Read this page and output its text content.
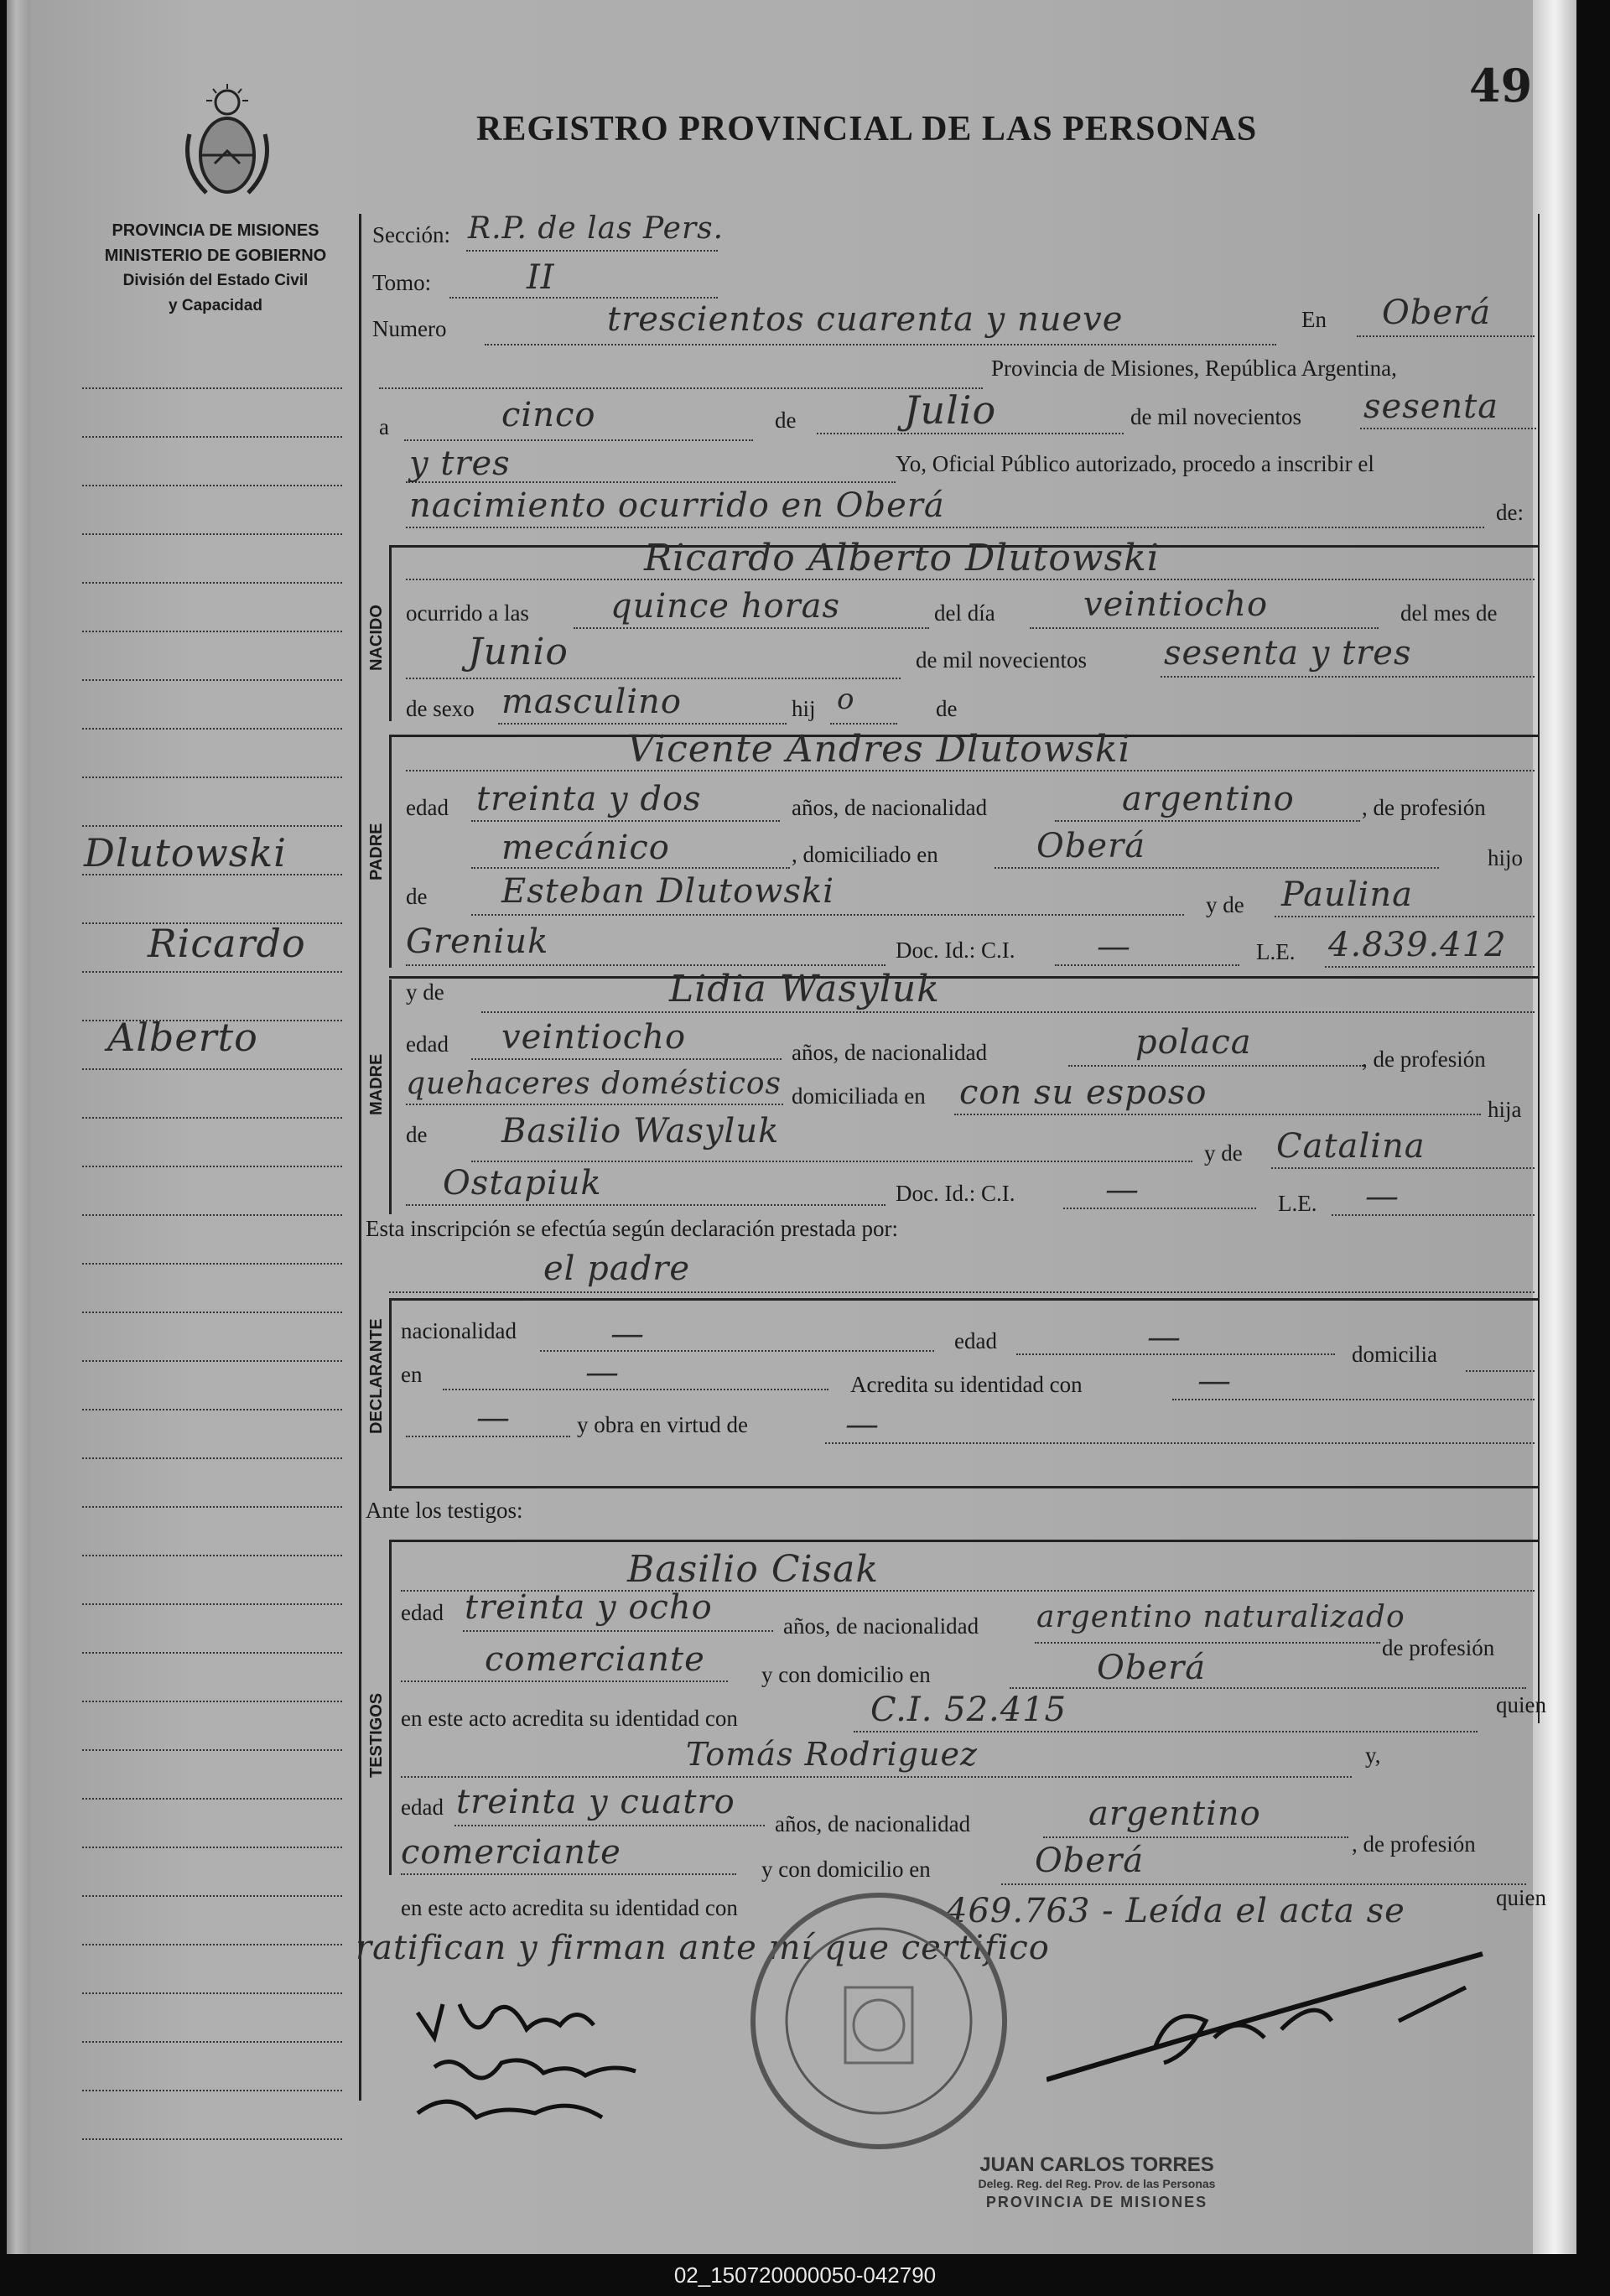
49
PROVINCIA DE MISIONES
MINISTERIO DE GOBIERNO
División del Estado Civil
y Capacidad
REGISTRO PROVINCIAL DE LAS PERSONAS
Dlutowski
Ricardo
Alberto
NACIDO
PADRE
MADRE
DECLARANTE
TESTIGOS
Sección: R.P. de las Pers.
Tomo:	II
Numero	trescientos cuarenta y nueve	En Oberá
Provincia de Misiones, República Argentina,
a	cinco	de	Julio	de mil novecientos sesenta
y tres	Yo, Oficial Público autorizado, procedo a inscribir el
nacimiento ocurrido en Oberá	de:
Ricardo Alberto Dlutowski
ocurrido a las quince horas	del día	veintiocho	del mes de
Junio	de mil novecientos sesenta y tres
de sexo masculino	hij o	de
Vicente Andres Dlutowski
edad treinta y dos	años, de nacionalidad	argentino	, de profesión
mecánico	, domiciliado en	Oberá	hijo
de Esteban Dlutowski	y de Paulina
Greniuk	Doc. Id.: C.I. —	L.E. 4.839.412
y de	Lidia Wasyluk
edad veintiocho	años, de nacionalidad	polaca	, de profesión
quehaceres domésticos domiciliada en con su esposo	hija
de Basilio Wasyluk
y de Catalina
Ostapiuk	Doc. Id.: C.I.	—	L.E. —
Esta inscripción se efectúa según declaración prestada por:
el padre
nacionalidad	—	edad	—	domicilia
en	—	Acredita su identidad con	—
—	y obra en virtud de	—
Ante los testigos:
Basilio Cisak
edad treinta y ocho	años, de nacionalidad argentino naturalizado
de profesión
comerciante y con domicilio en	Oberá
en este acto acredita su identidad con	C.I. 52.415	quien
Tomás Rodriguez	y,
edad treinta y cuatro
años, de nacionalidad	argentino
, de profesión
comerciante	y con domicilio en	Oberá
en este acto acredita su identidad con	469.763 - Leída el acta se	quien
ratifican y firman ante mí que certifico
JUAN CARLOS TORRES
Deleg. Reg. del Reg. Prov. de las Personas
PROVINCIA DE MISIONES
02_150720000050-042790
